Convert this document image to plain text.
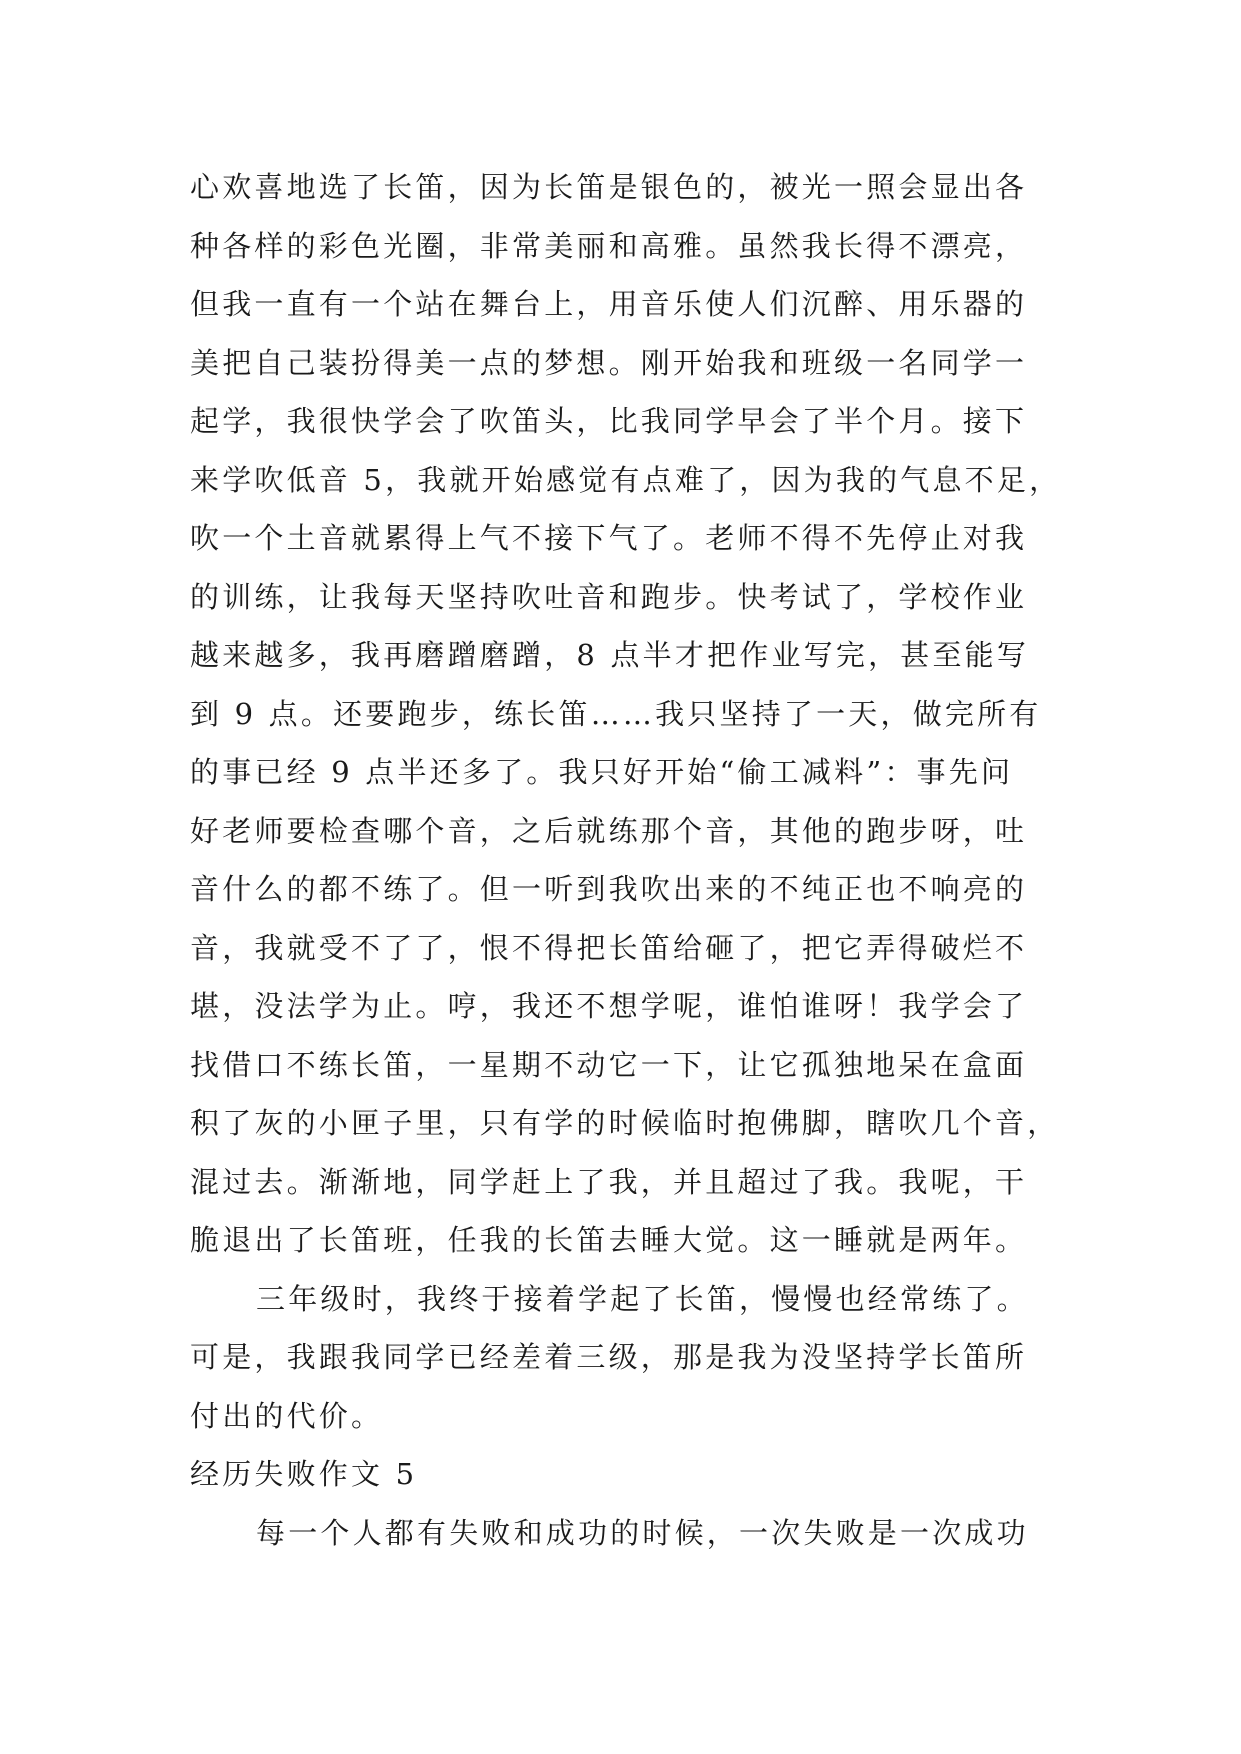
心欢喜地选了长笛，因为长笛是银色的，被光一照会显出各
种各样的彩色光圈，非常美丽和高雅。虽然我长得不漂亮，
但我一直有一个站在舞台上，用音乐使人们沉醉、用乐器的
美把自己装扮得美一点的梦想。刚开始我和班级一名同学一
起学，我很快学会了吹笛头，比我同学早会了半个月。接下
来学吹低音 5，我就开始感觉有点难了，因为我的气息不足，
吹一个土音就累得上气不接下气了。老师不得不先停止对我
的训练，让我每天坚持吹吐音和跑步。快考试了，学校作业
越来越多，我再磨蹭磨蹭，8 点半才把作业写完，甚至能写
到 9 点。还要跑步，练长笛……我只坚持了一天，做完所有
的事已经 9 点半还多了。我只好开始“偷工减料”：事先问
好老师要检查哪个音，之后就练那个音，其他的跑步呀，吐
音什么的都不练了。但一听到我吹出来的不纯正也不响亮的
音，我就受不了了，恨不得把长笛给砸了，把它弄得破烂不
堪，没法学为止。哼，我还不想学呢，谁怕谁呀！我学会了
找借口不练长笛，一星期不动它一下，让它孤独地呆在盒面
积了灰的小匣子里，只有学的时候临时抱佛脚，瞎吹几个音，
混过去。渐渐地，同学赶上了我，并且超过了我。我呢，干
脆退出了长笛班，任我的长笛去睡大觉。这一睡就是两年。
三年级时，我终于接着学起了长笛，慢慢也经常练了。
可是，我跟我同学已经差着三级，那是我为没坚持学长笛所
付出的代价。
经历失败作文 5
每一个人都有失败和成功的时候，一次失败是一次成功
